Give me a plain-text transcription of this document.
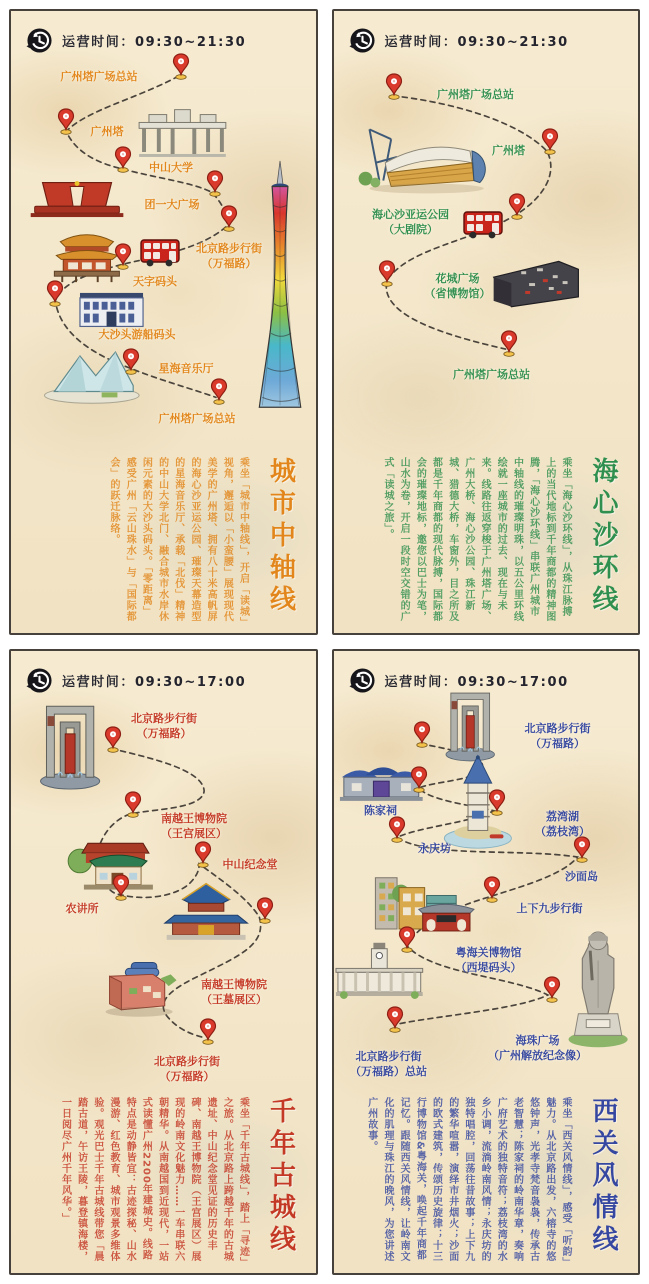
运营时间：09:30~21:30
广州塔广场总站
广州塔
中山大学
团一大广场
北京路步行街
（万福路）
天字码头
大沙头游船码头
星海音乐厅
广州塔广场总站
城市中轴线

乘坐「城市中轴线」，开启「读城」视角，邂逅以「小蛮腰」展现现代美学的广州塔、拥有八十米高帆屏的海心沙亚运公园、璀璨天幕造型的星海音乐厅、承载「北伐」精神的中山大学北门、融合城市水岸休闲元素的大沙头码头。「零距离」感受广州「云山珠水」与「国际都会」的跃迁脉络。

运营时间：09:30~21:30
广州塔广场总站
广州塔
海心沙亚运公园
（大剧院）
花城广场
（省博物馆）
广州塔广场总站
海心沙环线

乘坐「海心沙环线」，从珠江脉搏上的当代地标到千年商都的精神图腾，「海心沙环线」串联广州城市中轴线的璀璨明珠，以五公里环线绘就一座城市的过去、现在与未来。线路往返穿梭于广州塔广场、广州大桥、海心沙公园、珠江新城、猎德大桥，车窗外，目之所及都是千年商都的现代脉搏，国际都会的璀璨地标，邀您以巴士为笔，山水为卷，开启一段时空交错的广式「读城之旅」。

运营时间：09:30~17:00
北京路步行街
（万福路）
南越王博物院
（王宫展区）
中山纪念堂
农讲所
南越王博物院
（王墓展区）
北京路步行街
（万福路）
千年古城线

乘坐「千年古城线」，踏上「寻迹」之旅。从北京路上跨越千年的古城遗址、中山纪念堂见证的历史丰碑、南越王博物院（王宫展区）展现的岭南文化魅力……一车串联六朝精华。从南越国到近现代，一站式读懂广州2200年建城史。线路特点是动静皆宜：古迹探秘、山水漫游、红色教育、城市观景多维体验。观光巴士千年古城线带您「晨踏古道，午访王陵，暮登镇海楼，一日阅尽广州千年风华。」

运营时间：09:30~17:00
北京路步行街
（万福路）
陈家祠	荔湾湖
（荔枝湾）
永庆坊
沙面岛
上下九步行街
粤海关博物馆
（西堤码头）
海珠广场
（广州解放纪念像）
北京路步行街
（万福路）总站
西关风情线

乘坐「西关风情线」，感受「听韵」魅力。从北京路出发，六榕寺的悠悠钟声，光孝寺梵音袅袅，传承古老智慧；陈家祠的岭南华章，奏响广府艺术的独特音符；荔枝湾的水乡小调，流淌岭南风情；永庆坊的独特唱腔，回荡往昔故事；上下九的繁华喧嚣，演绎市井烟火；沙面的欧式建筑，传颂历史旋律；十三行博物馆&粤海关，唤起千年商都记忆。跟随西关风情线，让岭南文化的肌理与珠江的晚风，为您讲述广州故事。
